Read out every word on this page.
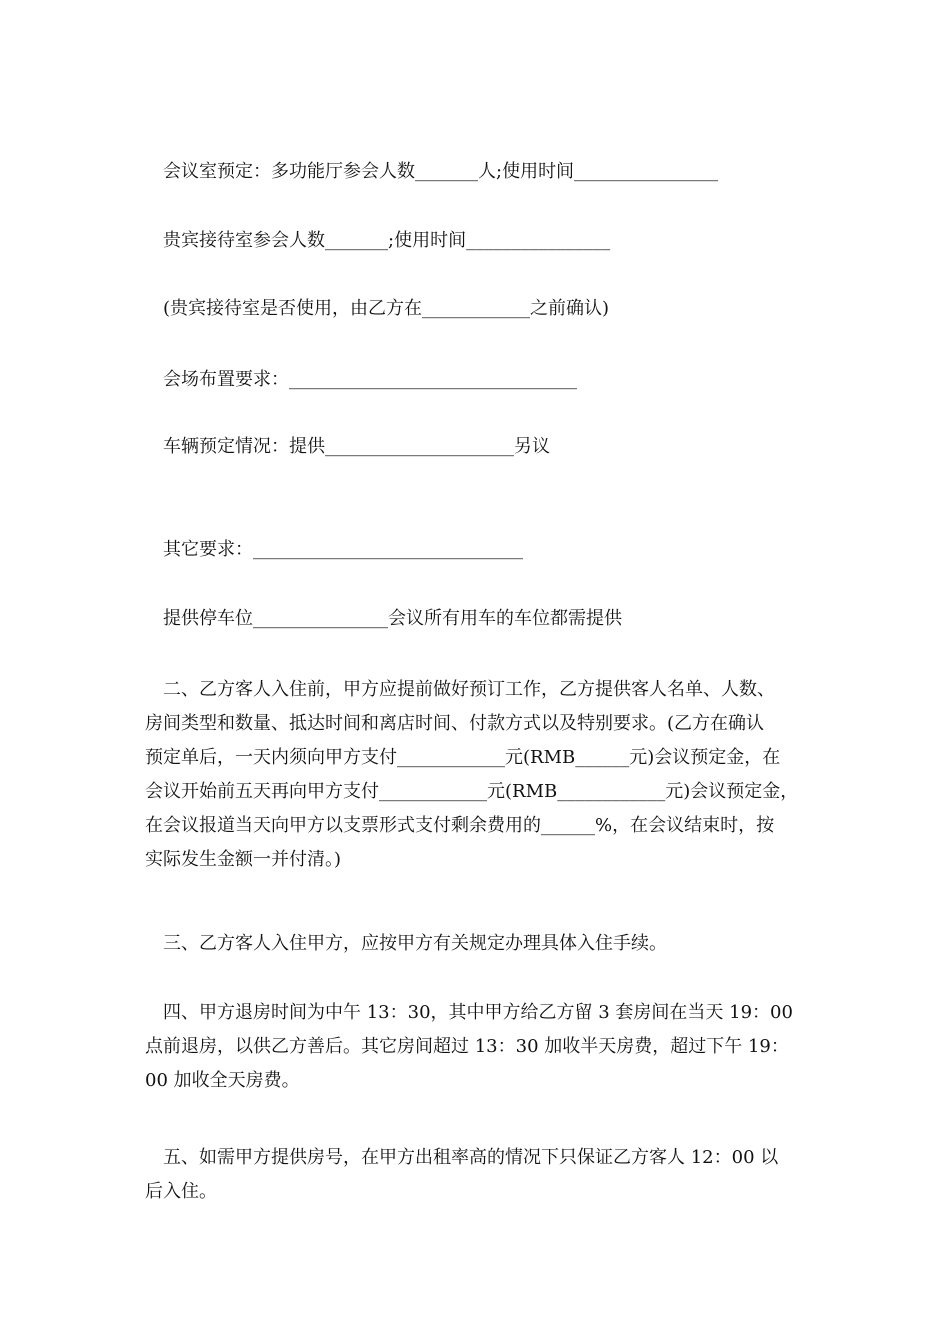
　会议室预定：多功能厅参会人数_______人;使用时间________________
　贵宾接待室参会人数_______;使用时间________________
　(贵宾接待室是否使用，由乙方在____________之前确认)
　会场布置要求：________________________________
　车辆预定情况：提供_____________________另议
　其它要求：______________________________
　提供停车位_______________会议所有用车的车位都需提供
　二、乙方客人入住前，甲方应提前做好预订工作，乙方提供客人名单、人数、
房间类型和数量、抵达时间和离店时间、付款方式以及特别要求。(乙方在确认
预定单后，一天内须向甲方支付____________元(RMB______元)会议预定金，在
会议开始前五天再向甲方支付____________元(RMB____________元)会议预定金，
在会议报道当天向甲方以支票形式支付剩余费用的______%，在会议结束时，按
实际发生金额一并付清。)
　三、乙方客人入住甲方，应按甲方有关规定办理具体入住手续。
　四、甲方退房时间为中午 13：30，其中甲方给乙方留 3 套房间在当天 19：00
点前退房，以供乙方善后。其它房间超过 13：30 加收半天房费，超过下午 19：
00 加收全天房费。
　五、如需甲方提供房号，在甲方出租率高的情况下只保证乙方客人 12：00 以
后入住。
